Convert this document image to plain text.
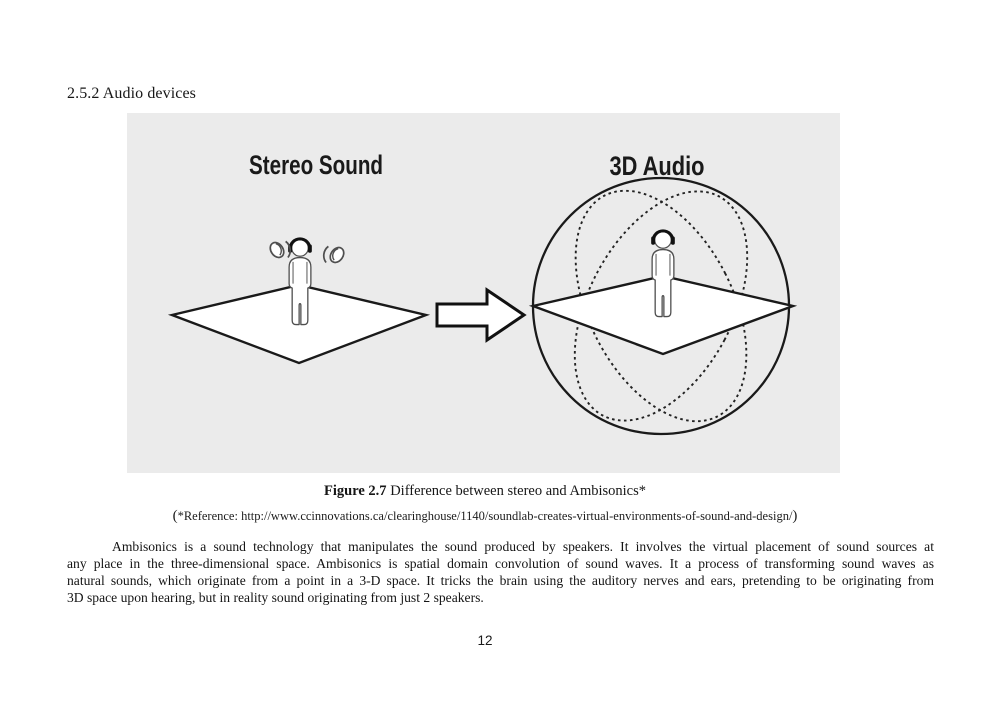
2.5.2 Audio devices
Stereo Sound	3D Audio
Figure 2.7 Difference between stereo and Ambisonics*
(*Reference: http://www.ccinnovations.ca/clearinghouse/1140/soundlab-creates-virtual-environments-of-sound-and-design/)
Ambisonics is a sound technology that manipulates the sound produced by speakers. It involves the virtual placement of sound sources at
any place in the three-dimensional space. Ambisonics is spatial domain convolution of sound waves. It a process of transforming sound waves as
natural sounds, which originate from a point in a 3-D space. It tricks the brain using the auditory nerves and ears, pretending to be originating from
3D space upon hearing, but in reality sound originating from just 2 speakers.
12
